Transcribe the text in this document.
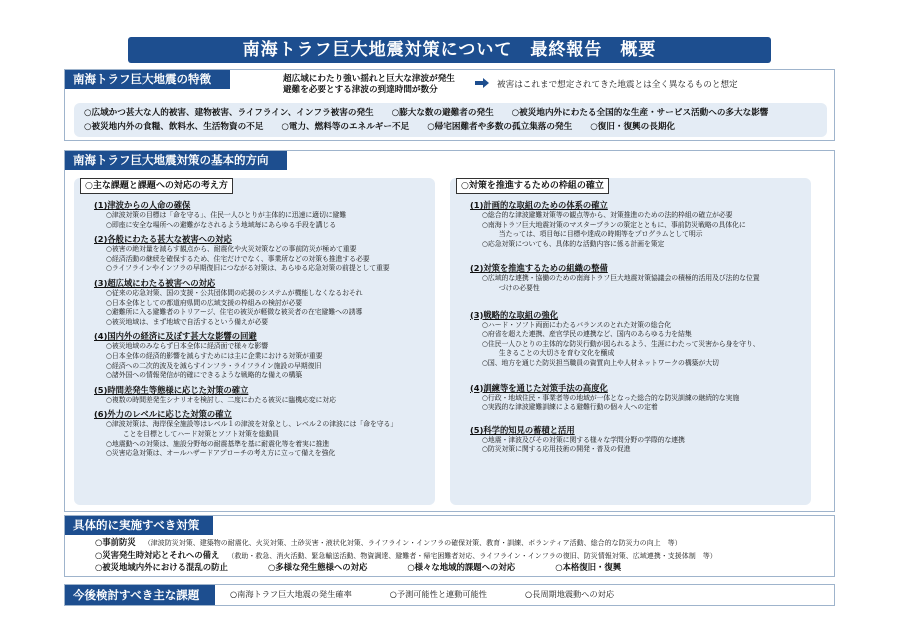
南海トラフ巨大地震対策について　最終報告　概要
南海トラフ巨大地震の特徴	超広域にわたり強い揺れと巨大な津波が発生
避難を必要とする津波の到達時間が数分	被害はこれまで想定されてきた地震とは全く異なるものと想定
○広域かつ甚大な人的被害、建物被害、ライフライン、インフラ被害の発生 ○膨大な数の避難者の発生 ○被災地内外にわたる全国的な生産・サービス活動への多大な影響
○被災地内外の食糧、飲料水、生活物資の不足 ○電力、燃料等のエネルギー不足 ○帰宅困難者や多数の孤立集落の発生 ○復旧・復興の長期化
南海トラフ巨大地震対策の基本的方向
○主な課題と課題への対応の考え方
(1)津波からの人命の確保
○津波対策の目標は「命を守る」、住民一人ひとりが主体的に迅速に適切に避難
○即座に安全な場所への避難がなされるよう地域毎にあらゆる手段を講じる
(2)各般にわたる甚大な被害への対応
○被害の絶対量を減らす観点から、耐震化や火災対策などの事前防災が極めて重要
○経済活動の継続を確保するため、住宅だけでなく、事業所などの対策も推進する必要
○ライフラインやインフラの早期復旧につながる対策は、あらゆる応急対策の前提として重要
(3)超広域にわたる被害への対応
○従来の応急対策、国の支援・公共団体間の応援のシステムが機能しなくなるおそれ
○日本全体としての都道府県間の広域支援の枠組みの検討が必要
○避難所に入る避難者のトリアージ、住宅の被災が軽微な被災者の在宅避難への誘導
○被災地域は、まず地域で自活するという備えが必要
(4)国内外の経済に及ぼす甚大な影響の回避
○被災地域のみならず日本全体に経済面で様々な影響
○日本全体の経済的影響を減らすためには主に企業における対策が重要
○経済への二次的波及を減らすインフラ・ライフライン施設の早期復旧
○諸外国への情報発信が的確にできるような戦略的な備えの構築
(5)時間差発生等態様に応じた対策の確立
○複数の時間差発生シナリオを検討し、二度にわたる被災に臨機応変に対応
(6)外力のレベルに応じた対策の確立
○津波対策は、海岸保全施設等はレベル１の津波を対象とし、レベル２の津波には「命を守る」
　ことを目標としてハード対策とソフト対策を総動員
○地震動への対策は、施設分野毎の耐震基準を基に耐震化等を着実に推進
○災害応急対策は、オールハザードアプローチの考え方に立って備えを強化
○対策を推進するための枠組の確立
(1)計画的な取組のための体系の確立
○総合的な津波避難対策等の観点等から、対策推進のための法的枠組の確立が必要
○南海トラフ巨大地震対策のマスタープランの策定とともに、事前防災戦略の具体化に
　当たっては、項目毎に目標や達成の時期等をプログラムとして明示
○応急対策についても、具体的な活動内容に係る計画を策定
(2)対策を推進するための組織の整備
○広域的な連携・協働のための南海トラフ巨大地震対策協議会の積極的活用及び法的な位置
　づけの必要性
(3)戦略的な取組の強化
○ハード・ソフト両面にわたるバランスのとれた対策の総合化
○府省を超えた連携、産官学民の連携など、国内のあらゆる力を結集
○住民一人ひとりの主体的な防災行動が図られるよう、生涯にわたって災害から身を守り、
　生きることの大切さを育む文化を醸成
○国、地方を通じた防災担当職員の資質向上や人材ネットワークの構築が大切
(4)訓練等を通じた対策手法の高度化
○行政・地域住民・事業者等の地域が一体となった総合的な防災訓練の継続的な実施
○実践的な津波避難訓練による避難行動の個々人への定着
(5)科学的知見の蓄積と活用
○地震・津波及びその対策に関する様々な学問分野の学際的な連携
○防災対策に関する応用技術の開発・普及の促進
具体的に実施すべき対策
○事前防災 （津波防災対策、建築物の耐震化、火災対策、土砂災害・液状化対策、ライフライン・インフラの確保対策、教育・訓練、ボランティア活動、総合的な防災力の向上　等）
○災害発生時対応とそれへの備え （救助・救急、消火活動、緊急輸送活動、物資調達、避難者・帰宅困難者対応、ライフライン・インフラの復旧、防災情報対策、広域連携・支援体制　等）
○被災地域内外における混乱の防止	○多様な発生態様への対応	○様々な地域的課題への対応	○本格復旧・復興
今後検討すべき主な課題	○南海トラフ巨大地震の発生確率	○予測可能性と連動可能性	○長周期地震動への対応
